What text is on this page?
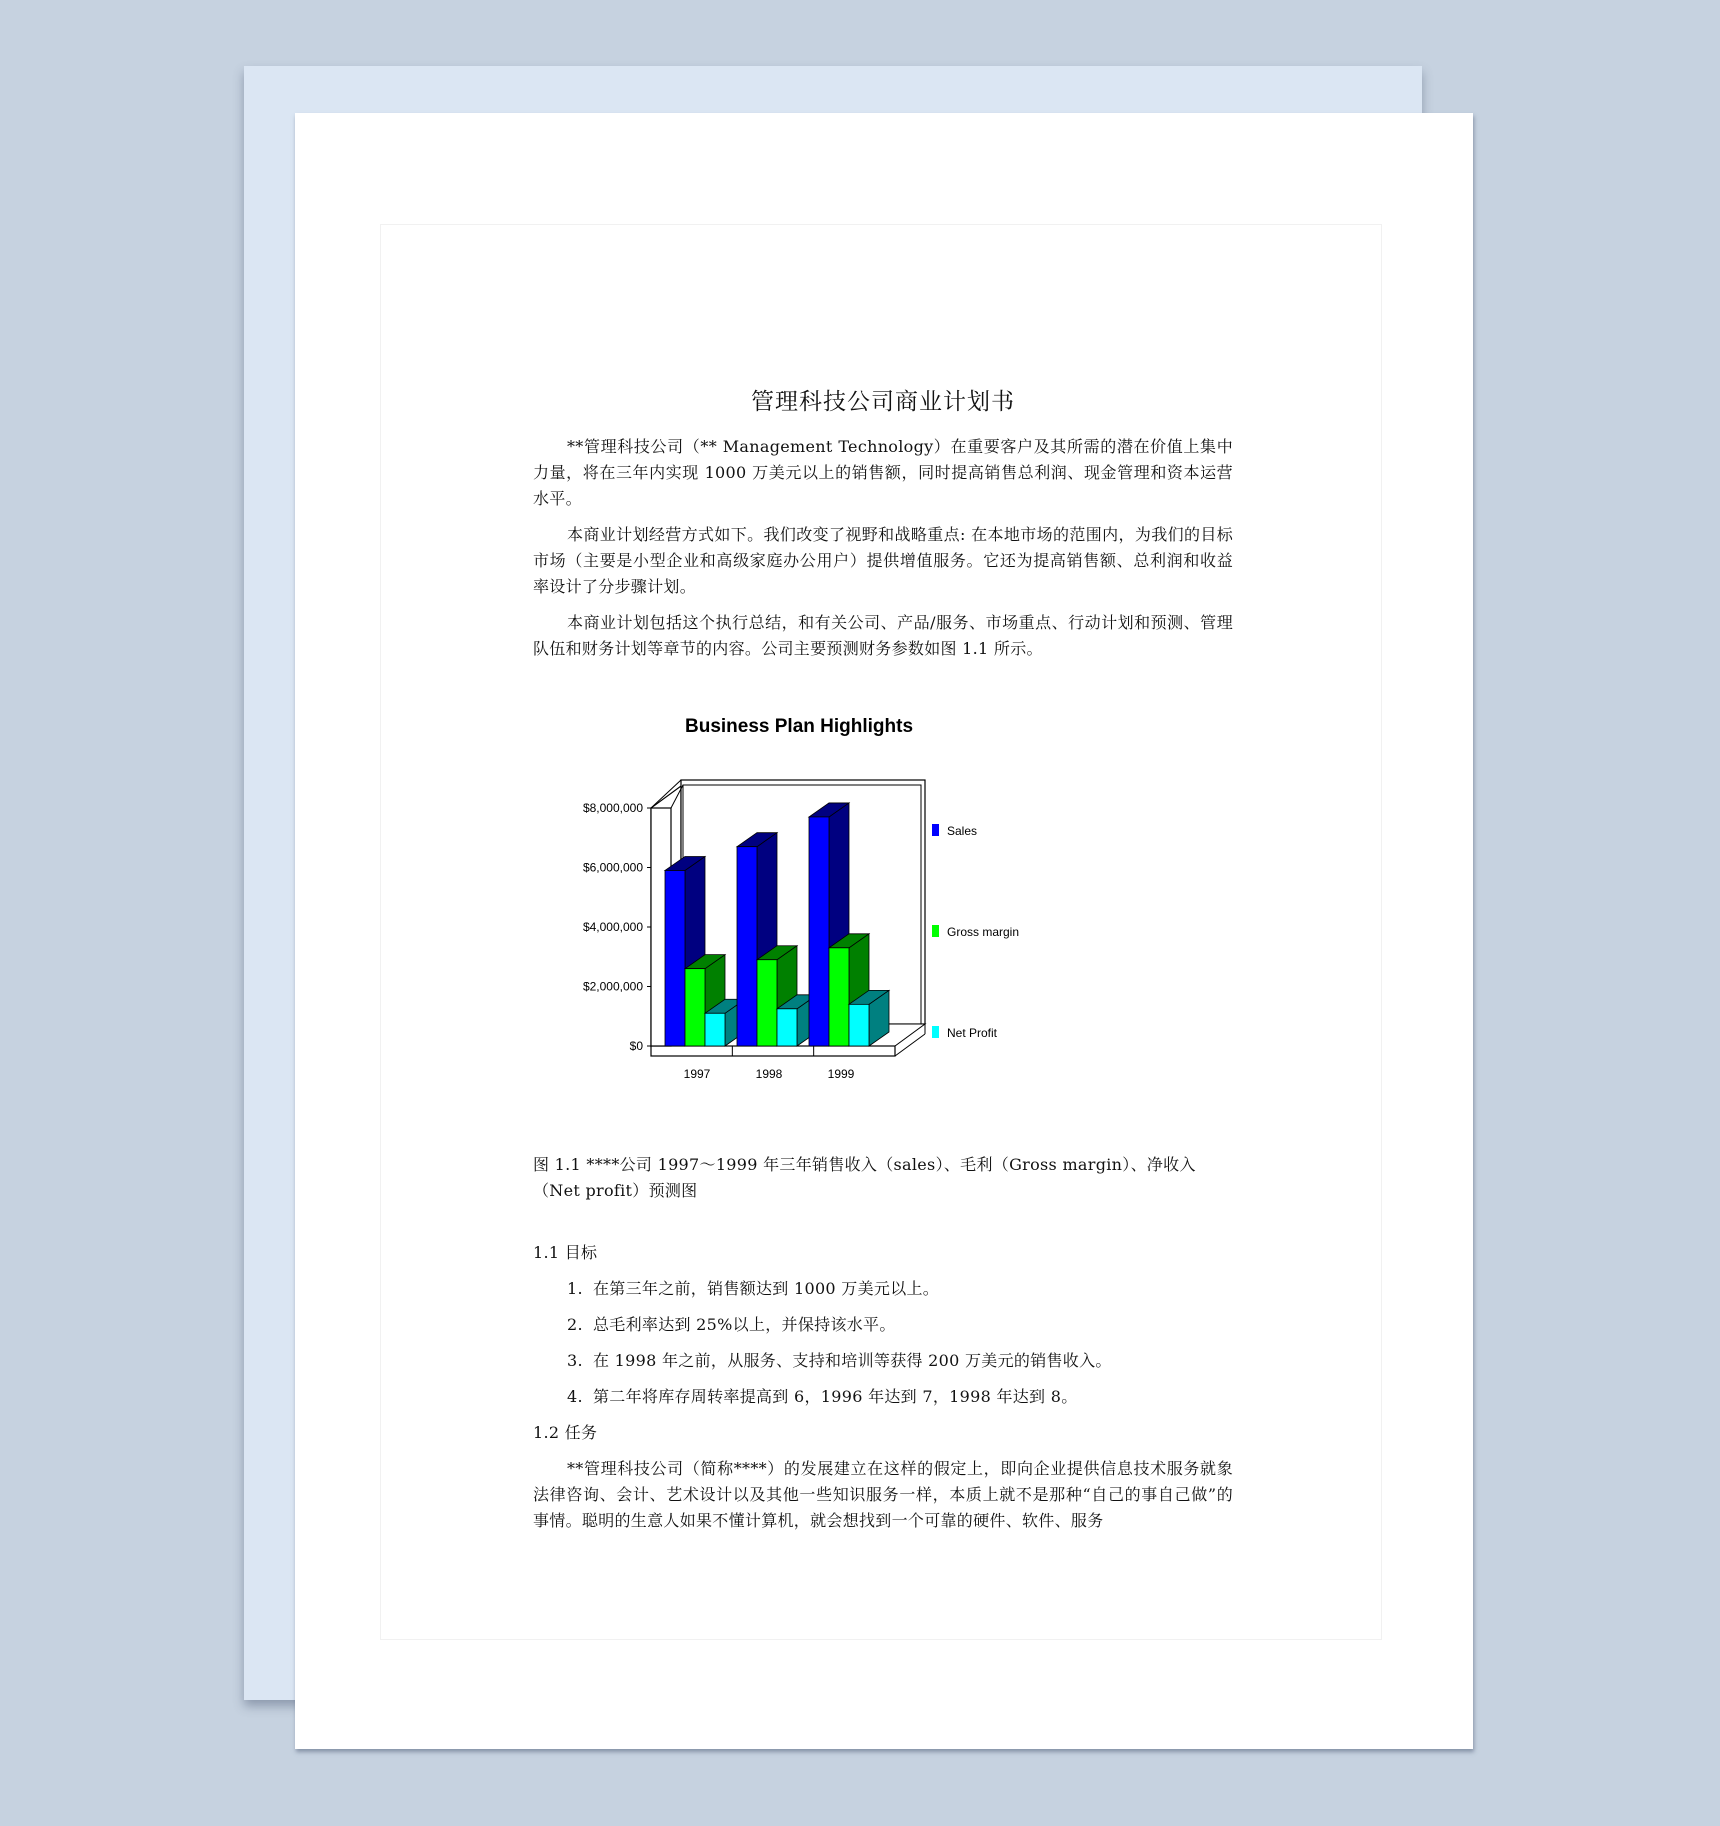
管理科技公司商业计划书

**管理科技公司（** Management Technology）在重要客户及其所需的潜在价值上集中力量，将在三年内实现 1000 万美元以上的销售额，同时提高销售总利润、现金管理和资本运营水平。

本商业计划经营方式如下。我们改变了视野和战略重点: 在本地市场的范围内，为我们的目标市场（主要是小型企业和高级家庭办公用户）提供增值服务。它还为提高销售额、总利润和收益率设计了分步骤计划。

本商业计划包括这个执行总结，和有关公司、产品/服务、市场重点、行动计划和预测、管理队伍和财务计划等章节的内容。公司主要预测财务参数如图 1.1 所示。

Business Plan Highlights
$0
$2,000,000
$4,000,000
$6,000,000
$8,000,000
1997	1998	1999
Sales
Gross margin
Net Profit

图 1.1 ****公司 1997～1999 年三年销售收入（sales）、毛利（Gross margin）、净收入（Net profit）预测图

1.1 目标
1. 在第三年之前，销售额达到 1000 万美元以上。
2. 总毛利率达到 25%以上，并保持该水平。
3. 在 1998 年之前，从服务、支持和培训等获得 200 万美元的销售收入。
4. 第二年将库存周转率提高到 6，1996 年达到 7，1998 年达到 8。
1.2 任务

**管理科技公司（简称****）的发展建立在这样的假定上，即向企业提供信息技术服务就象法律咨询、会计、艺术设计以及其他一些知识服务一样，本质上就不是那种“自己的事自己做”的事情。聪明的生意人如果不懂计算机，就会想找到一个可靠的硬件、软件、服务
